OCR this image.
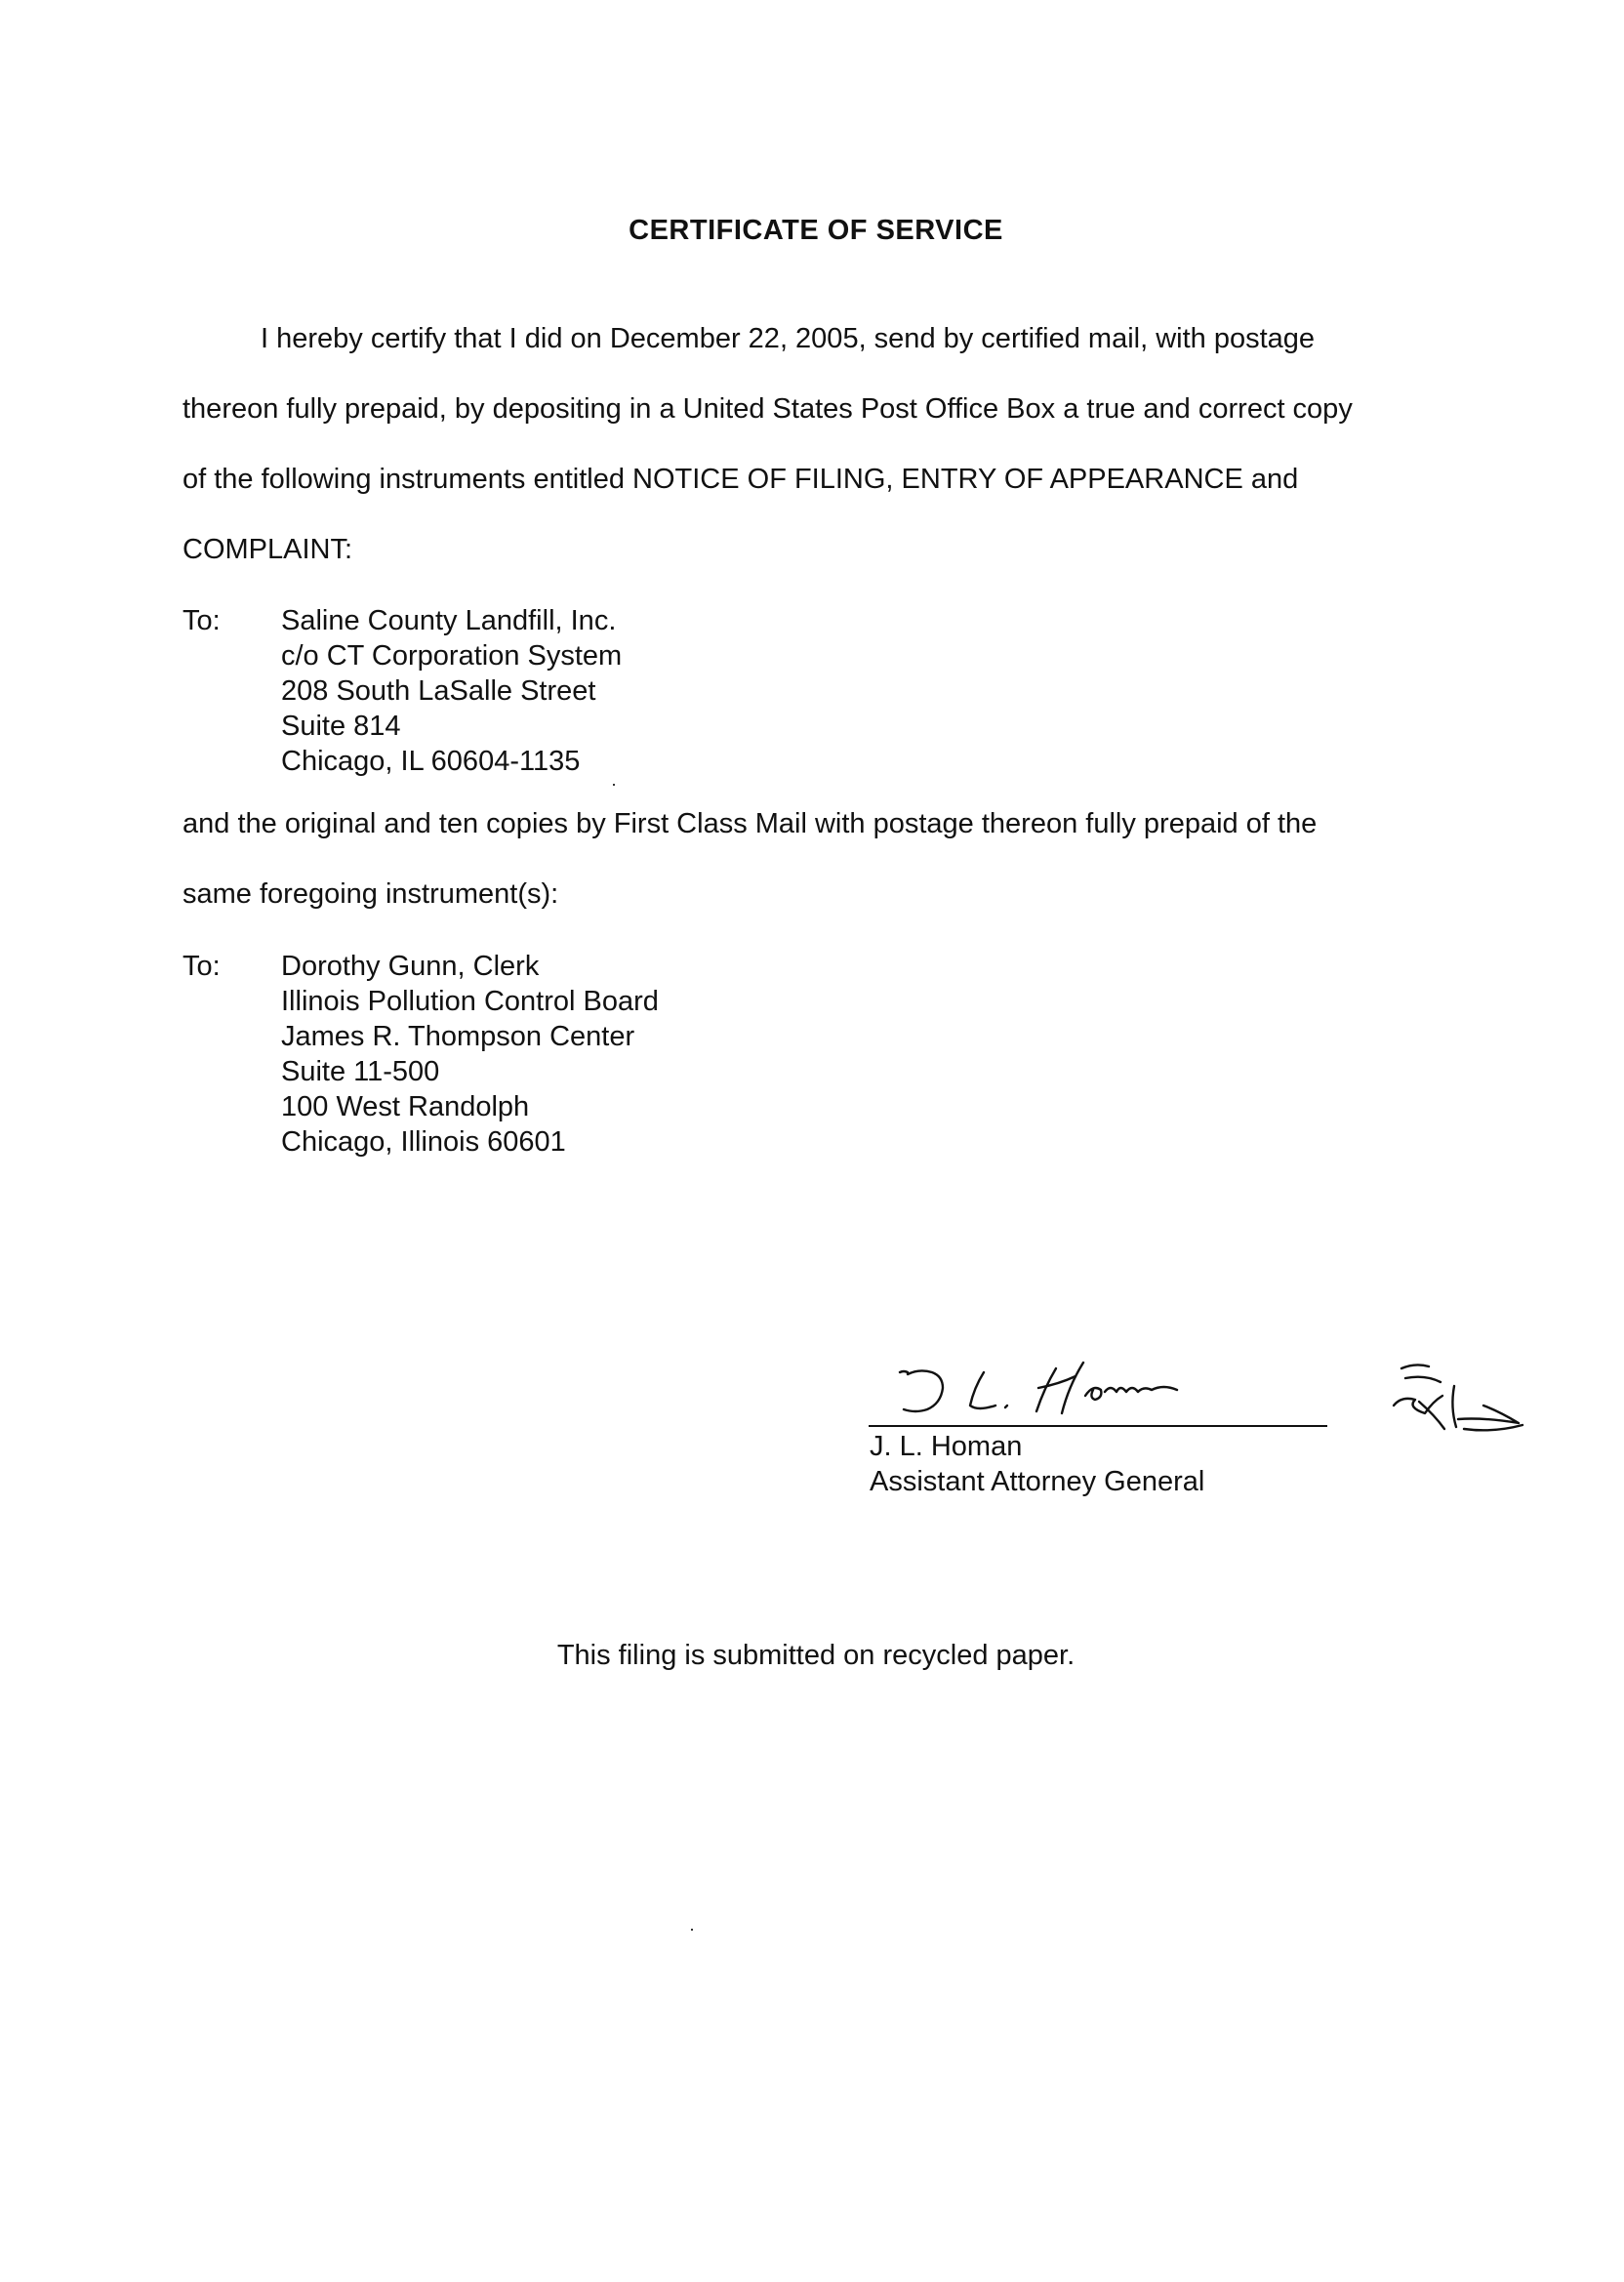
CERTIFICATE OF SERVICE
I hereby certify that I did on December 22, 2005, send by certified mail, with postage
thereon fully prepaid, by depositing in a United States Post Office Box a true and correct copy
of the following instruments entitled NOTICE OF FILING, ENTRY OF APPEARANCE and
COMPLAINT:
To: Saline County Landfill, Inc.
c/o CT Corporation System
208 South LaSalle Street
Suite 814
Chicago, IL 60604-1135
and the original and ten copies by First Class Mail with postage thereon fully prepaid of the
same foregoing instrument(s):
To: Dorothy Gunn, Clerk
Illinois Pollution Control Board
James R. Thompson Center
Suite 11-500
100 West Randolph
Chicago, Illinois 60601
J. L. Homan
Assistant Attorney General
This filing is submitted on recycled paper.
